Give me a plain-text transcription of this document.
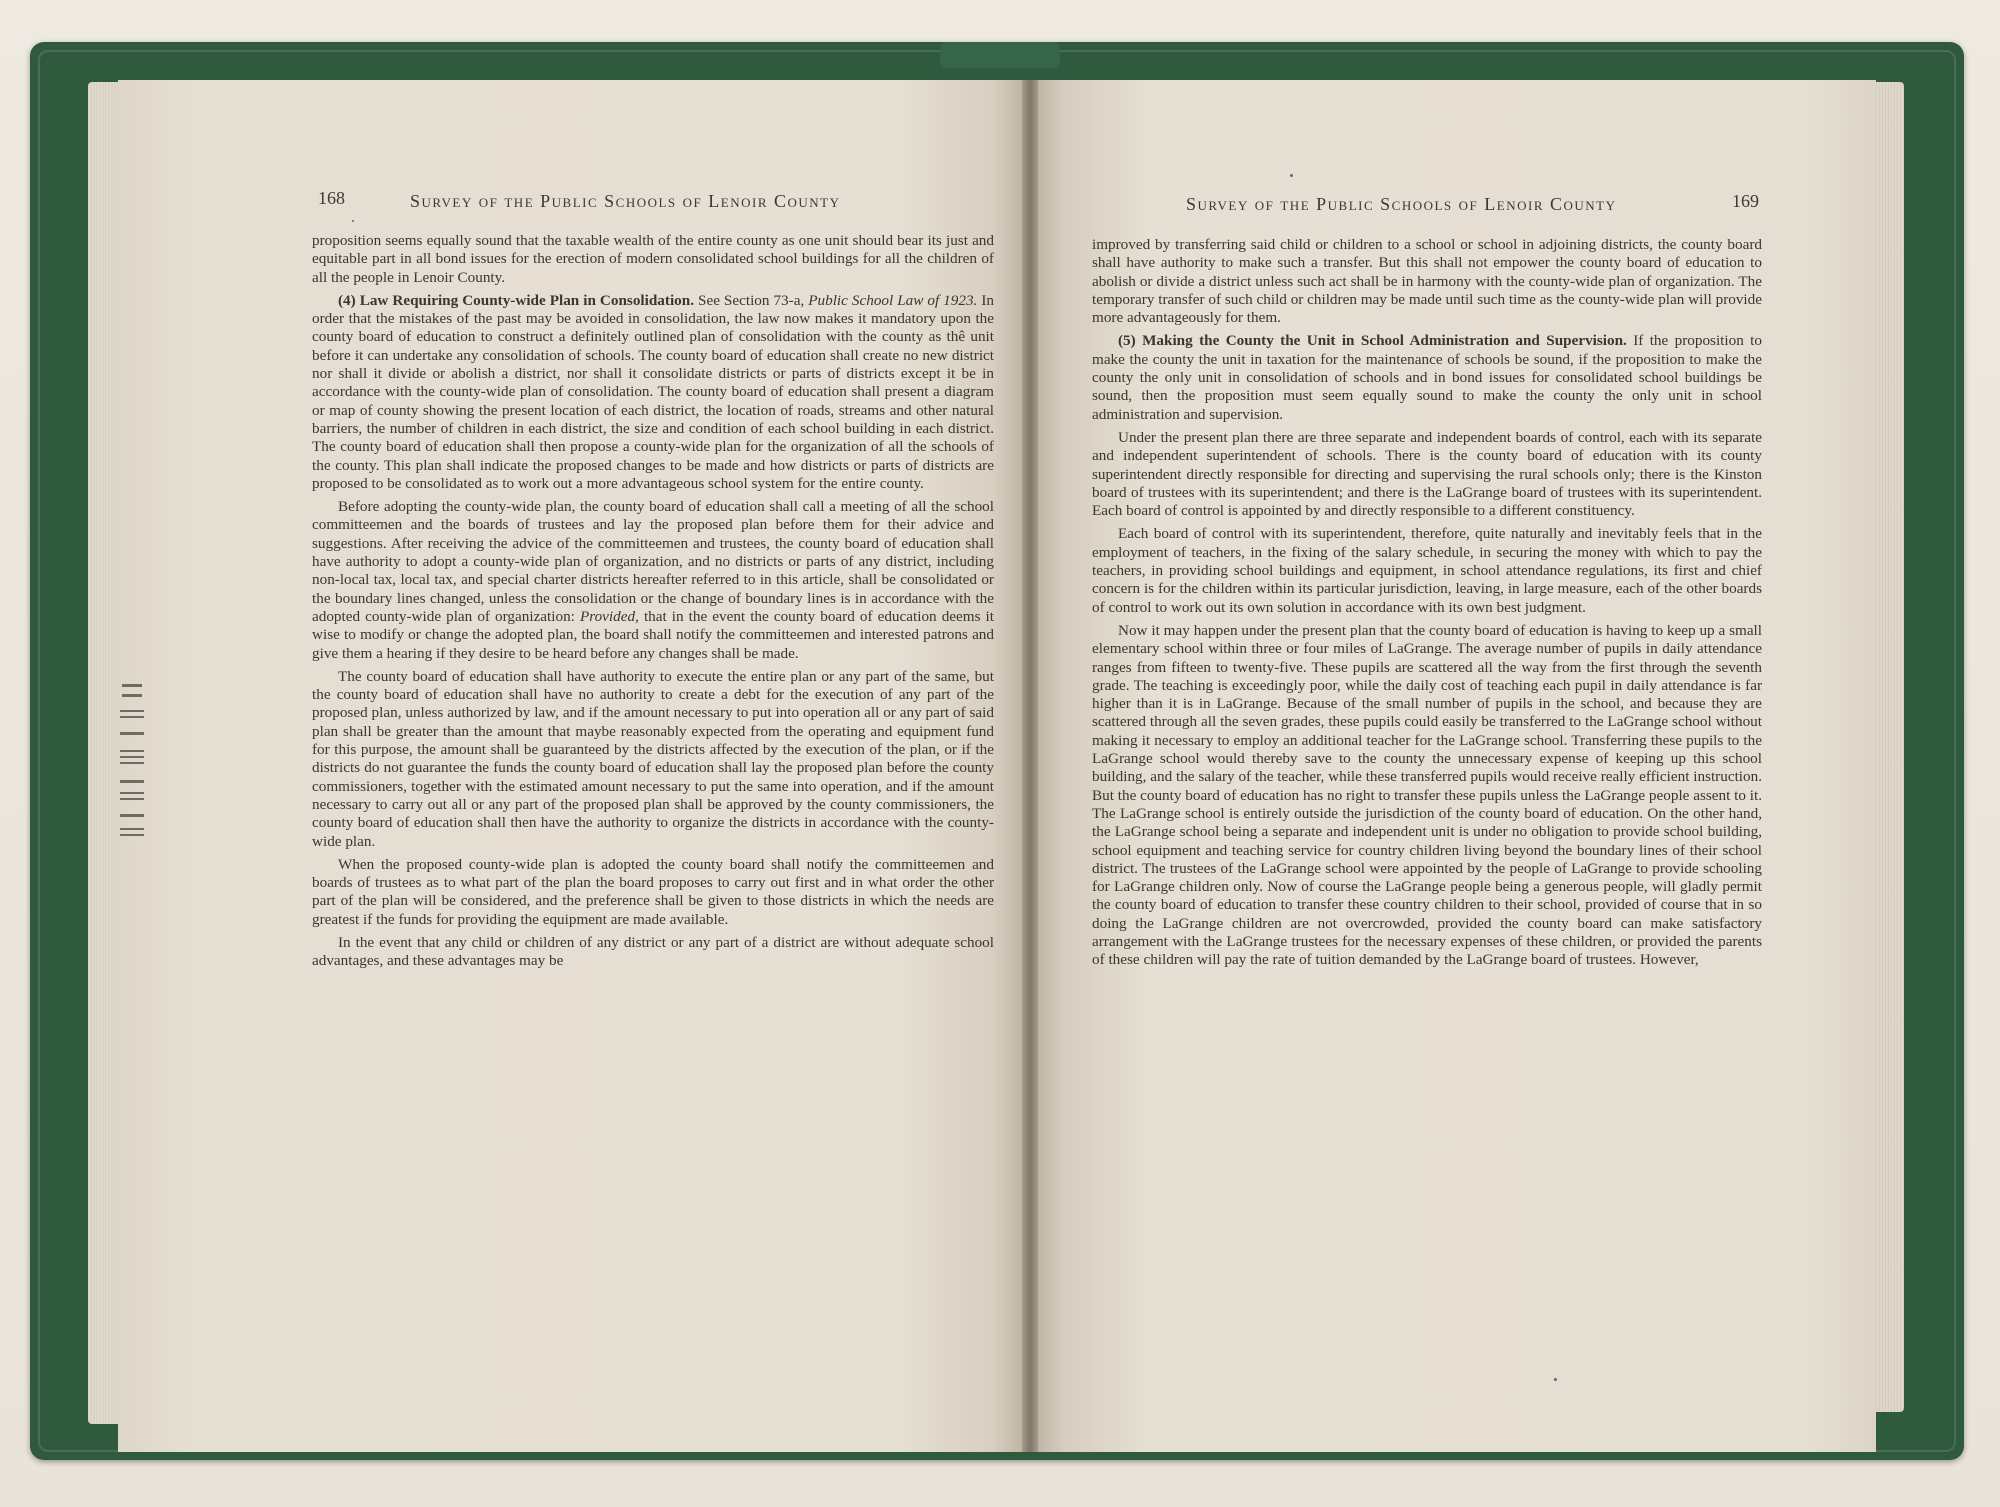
168	Survey of the Public Schools of Lenoir County

proposition seems equally sound that the taxable wealth of the entire county as one unit should bear its just and equitable part in all bond issues for the erection of modern consolidated school buildings for all the children of all the people in Lenoir County.

(4) Law Requiring County-wide Plan in Consolidation. See Section 73-a, Public School Law of 1923. In order that the mistakes of the past may be avoided in consolidation, the law now makes it mandatory upon the county board of education to construct a definitely outlined plan of consolidation with the county as thê unit before it can undertake any consolidation of schools. The county board of education shall create no new district nor shall it divide or abolish a district, nor shall it consolidate districts or parts of districts except it be in accordance with the county-wide plan of consolidation. The county board of education shall present a diagram or map of county showing the present location of each district, the location of roads, streams and other natural barriers, the number of children in each district, the size and condition of each school building in each district. The county board of education shall then propose a county-wide plan for the organization of all the schools of the county. This plan shall indicate the proposed changes to be made and how districts or parts of districts are proposed to be consolidated as to work out a more advantageous school system for the entire county.

Before adopting the county-wide plan, the county board of education shall call a meeting of all the school committeemen and the boards of trustees and lay the proposed plan before them for their advice and suggestions. After receiving the advice of the committeemen and trustees, the county board of education shall have authority to adopt a county-wide plan of organization, and no districts or parts of any district, including non-local tax, local tax, and special charter districts hereafter referred to in this article, shall be consolidated or the boundary lines changed, unless the consolidation or the change of boundary lines is in accordance with the adopted county-wide plan of organization: Provided, that in the event the county board of education deems it wise to modify or change the adopted plan, the board shall notify the committeemen and interested patrons and give them a hearing if they desire to be heard before any changes shall be made.

The county board of education shall have authority to execute the entire plan or any part of the same, but the county board of education shall have no authority to create a debt for the execution of any part of the proposed plan, unless authorized by law, and if the amount necessary to put into operation all or any part of said plan shall be greater than the amount that maybe reasonably expected from the operating and equipment fund for this purpose, the amount shall be guaranteed by the districts affected by the execution of the plan, or if the districts do not guarantee the funds the county board of education shall lay the proposed plan before the county commissioners, together with the estimated amount necessary to put the same into operation, and if the amount necessary to carry out all or any part of the proposed plan shall be approved by the county commissioners, the county board of education shall then have the authority to organize the districts in accordance with the county-wide plan.

When the proposed county-wide plan is adopted the county board shall notify the committeemen and boards of trustees as to what part of the plan the board proposes to carry out first and in what order the other part of the plan will be considered, and the preference shall be given to those districts in which the needs are greatest if the funds for providing the equipment are made available.

In the event that any child or children of any district or any part of a district are without adequate school advantages, and these advantages may be

Survey of the Public Schools of Lenoir County	169

improved by transferring said child or children to a school or school in adjoining districts, the county board shall have authority to make such a transfer. But this shall not empower the county board of education to abolish or divide a district unless such act shall be in harmony with the county-wide plan of organization. The temporary transfer of such child or children may be made until such time as the county-wide plan will provide more advantageously for them.

(5) Making the County the Unit in School Administration and Supervision. If the proposition to make the county the unit in taxation for the maintenance of schools be sound, if the proposition to make the county the only unit in consolidation of schools and in bond issues for consolidated school buildings be sound, then the proposition must seem equally sound to make the county the only unit in school administration and supervision.

Under the present plan there are three separate and independent boards of control, each with its separate and independent superintendent of schools. There is the county board of education with its county superintendent directly responsible for directing and supervising the rural schools only; there is the Kinston board of trustees with its superintendent; and there is the LaGrange board of trustees with its superintendent. Each board of control is appointed by and directly responsible to a different constituency.

Each board of control with its superintendent, therefore, quite naturally and inevitably feels that in the employment of teachers, in the fixing of the salary schedule, in securing the money with which to pay the teachers, in providing school buildings and equipment, in school attendance regulations, its first and chief concern is for the children within its particular jurisdiction, leaving, in large measure, each of the other boards of control to work out its own solution in accordance with its own best judgment.

Now it may happen under the present plan that the county board of education is having to keep up a small elementary school within three or four miles of LaGrange. The average number of pupils in daily attendance ranges from fifteen to twenty-five. These pupils are scattered all the way from the first through the seventh grade. The teaching is exceedingly poor, while the daily cost of teaching each pupil in daily attendance is far higher than it is in LaGrange. Because of the small number of pupils in the school, and because they are scattered through all the seven grades, these pupils could easily be transferred to the LaGrange school without making it necessary to employ an additional teacher for the LaGrange school. Transferring these pupils to the LaGrange school would thereby save to the county the unnecessary expense of keeping up this school building, and the salary of the teacher, while these transferred pupils would receive really efficient instruction. But the county board of education has no right to transfer these pupils unless the LaGrange people assent to it. The LaGrange school is entirely outside the jurisdiction of the county board of education. On the other hand, the LaGrange school being a separate and independent unit is under no obligation to provide school building, school equipment and teaching service for country children living beyond the boundary lines of their school district. The trustees of the LaGrange school were appointed by the people of LaGrange to provide schooling for LaGrange children only. Now of course the LaGrange people being a generous people, will gladly permit the county board of education to transfer these country children to their school, provided of course that in so doing the LaGrange children are not overcrowded, provided the county board can make satisfactory arrangement with the LaGrange trustees for the necessary expenses of these children, or provided the parents of these children will pay the rate of tuition demanded by the LaGrange board of trustees. However,
